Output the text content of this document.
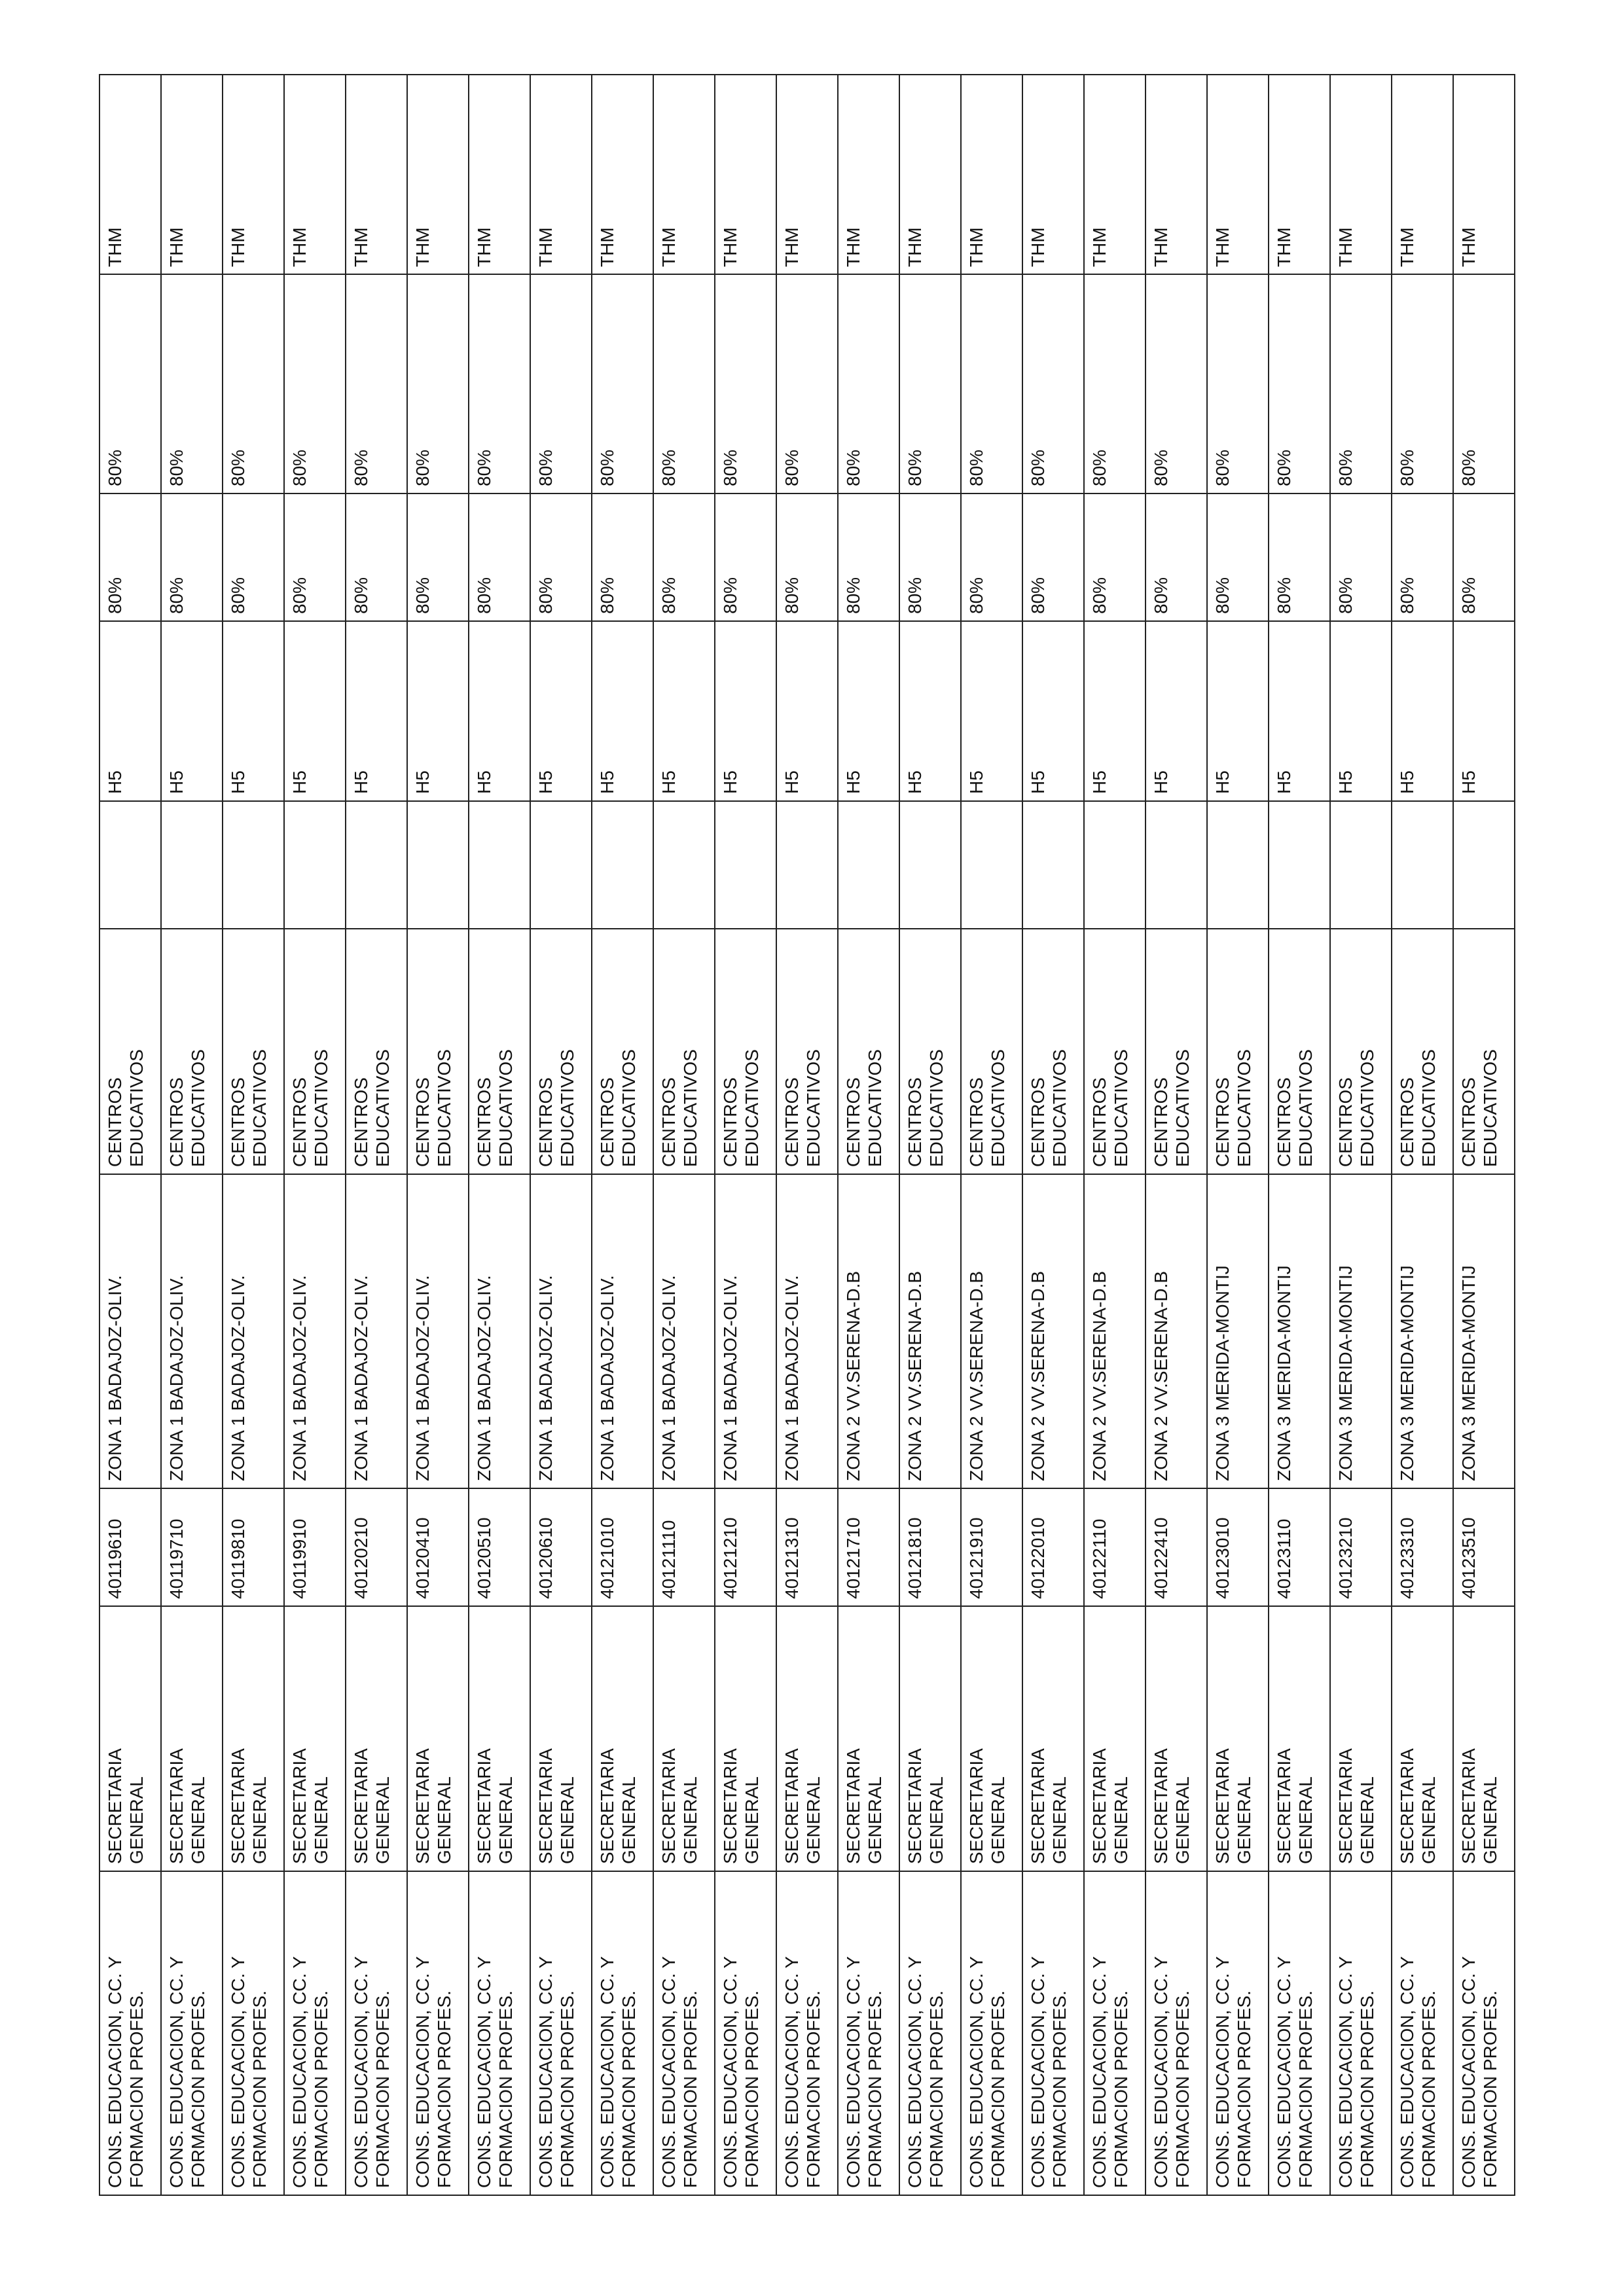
CONS. EDUCACION, CC. Y FORMACION PROFES.	SECRETARIA GENERAL	40119610	ZONA 1 BADAJOZ-OLIV.	CENTROS EDUCATIVOS		H5	80%	80%	THM

CONS. EDUCACION, CC. Y FORMACION PROFES.	SECRETARIA GENERAL	40119710	ZONA 1 BADAJOZ-OLIV.	CENTROS EDUCATIVOS		H5	80%	80%	THM

CONS. EDUCACION, CC. Y FORMACION PROFES.	SECRETARIA GENERAL	40119810	ZONA 1 BADAJOZ-OLIV.	CENTROS EDUCATIVOS		H5	80%	80%	THM

CONS. EDUCACION, CC. Y FORMACION PROFES.	SECRETARIA GENERAL	40119910	ZONA 1 BADAJOZ-OLIV.	CENTROS EDUCATIVOS		H5	80%	80%	THM

CONS. EDUCACION, CC. Y FORMACION PROFES.	SECRETARIA GENERAL	40120210	ZONA 1 BADAJOZ-OLIV.	CENTROS EDUCATIVOS		H5	80%	80%	THM

CONS. EDUCACION, CC. Y FORMACION PROFES.	SECRETARIA GENERAL	40120410	ZONA 1 BADAJOZ-OLIV.	CENTROS EDUCATIVOS		H5	80%	80%	THM

CONS. EDUCACION, CC. Y FORMACION PROFES.	SECRETARIA GENERAL	40120510	ZONA 1 BADAJOZ-OLIV.	CENTROS EDUCATIVOS		H5	80%	80%	THM

CONS. EDUCACION, CC. Y FORMACION PROFES.	SECRETARIA GENERAL	40120610	ZONA 1 BADAJOZ-OLIV.	CENTROS EDUCATIVOS		H5	80%	80%	THM

CONS. EDUCACION, CC. Y FORMACION PROFES.	SECRETARIA GENERAL	40121010	ZONA 1 BADAJOZ-OLIV.	CENTROS EDUCATIVOS		H5	80%	80%	THM

CONS. EDUCACION, CC. Y FORMACION PROFES.	SECRETARIA GENERAL	40121110	ZONA 1 BADAJOZ-OLIV.	CENTROS EDUCATIVOS		H5	80%	80%	THM

CONS. EDUCACION, CC. Y FORMACION PROFES.	SECRETARIA GENERAL	40121210	ZONA 1 BADAJOZ-OLIV.	CENTROS EDUCATIVOS		H5	80%	80%	THM

CONS. EDUCACION, CC. Y FORMACION PROFES.	SECRETARIA GENERAL	40121310	ZONA 1 BADAJOZ-OLIV.	CENTROS EDUCATIVOS		H5	80%	80%	THM

CONS. EDUCACION, CC. Y FORMACION PROFES.	SECRETARIA GENERAL	40121710	ZONA 2 VV.SERENA-D.B	CENTROS EDUCATIVOS		H5	80%	80%	THM

CONS. EDUCACION, CC. Y FORMACION PROFES.	SECRETARIA GENERAL	40121810	ZONA 2 VV.SERENA-D.B	CENTROS EDUCATIVOS		H5	80%	80%	THM

CONS. EDUCACION, CC. Y FORMACION PROFES.	SECRETARIA GENERAL	40121910	ZONA 2 VV.SERENA-D.B	CENTROS EDUCATIVOS		H5	80%	80%	THM

CONS. EDUCACION, CC. Y FORMACION PROFES.	SECRETARIA GENERAL	40122010	ZONA 2 VV.SERENA-D.B	CENTROS EDUCATIVOS		H5	80%	80%	THM

CONS. EDUCACION, CC. Y FORMACION PROFES.	SECRETARIA GENERAL	40122110	ZONA 2 VV.SERENA-D.B	CENTROS EDUCATIVOS		H5	80%	80%	THM

CONS. EDUCACION, CC. Y FORMACION PROFES.	SECRETARIA GENERAL	40122410	ZONA 2 VV.SERENA-D.B	CENTROS EDUCATIVOS		H5	80%	80%	THM

CONS. EDUCACION, CC. Y FORMACION PROFES.	SECRETARIA GENERAL	40123010	ZONA 3 MERIDA-MONTIJ	CENTROS EDUCATIVOS		H5	80%	80%	THM

CONS. EDUCACION, CC. Y FORMACION PROFES.	SECRETARIA GENERAL	40123110	ZONA 3 MERIDA-MONTIJ	CENTROS EDUCATIVOS		H5	80%	80%	THM

CONS. EDUCACION, CC. Y FORMACION PROFES.	SECRETARIA GENERAL	40123210	ZONA 3 MERIDA-MONTIJ	CENTROS EDUCATIVOS		H5	80%	80%	THM

CONS. EDUCACION, CC. Y FORMACION PROFES.	SECRETARIA GENERAL	40123310	ZONA 3 MERIDA-MONTIJ	CENTROS EDUCATIVOS		H5	80%	80%	THM

CONS. EDUCACION, CC. Y FORMACION PROFES.	SECRETARIA GENERAL	40123510	ZONA 3 MERIDA-MONTIJ	CENTROS EDUCATIVOS		H5	80%	80%	THM
